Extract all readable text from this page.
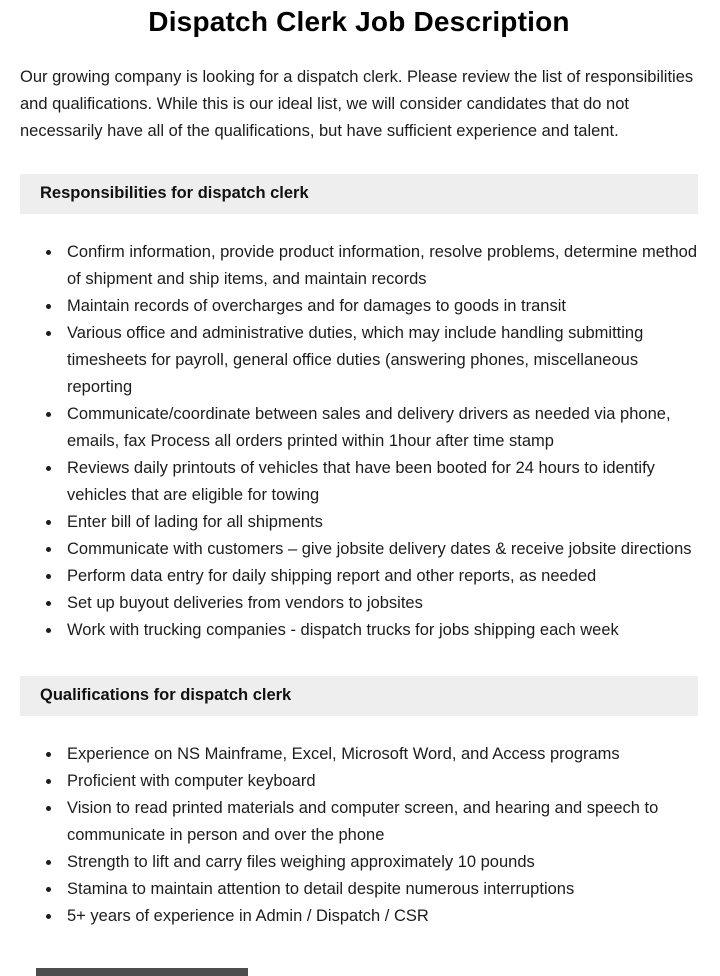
Dispatch Clerk Job Description

Our growing company is looking for a dispatch clerk. Please review the list of responsibilities and qualifications. While this is our ideal list, we will consider candidates that do not necessarily have all of the qualifications, but have sufficient experience and talent.

Responsibilities for dispatch clerk
• Confirm information, provide product information, resolve problems, determine method of shipment and ship items, and maintain records
• Maintain records of overcharges and for damages to goods in transit
• Various office and administrative duties, which may include handling submitting timesheets for payroll, general office duties (answering phones, miscellaneous reporting
• Communicate/coordinate between sales and delivery drivers as needed via phone, emails, fax Process all orders printed within 1hour after time stamp
• Reviews daily printouts of vehicles that have been booted for 24 hours to identify vehicles that are eligible for towing
• Enter bill of lading for all shipments
• Communicate with customers – give jobsite delivery dates & receive jobsite directions
• Perform data entry for daily shipping report and other reports, as needed
• Set up buyout deliveries from vendors to jobsites
• Work with trucking companies - dispatch trucks for jobs shipping each week
Qualifications for dispatch clerk
• Experience on NS Mainframe, Excel, Microsoft Word, and Access programs
• Proficient with computer keyboard
• Vision to read printed materials and computer screen, and hearing and speech to communicate in person and over the phone
• Strength to lift and carry files weighing approximately 10 pounds
• Stamina to maintain attention to detail despite numerous interruptions
• 5+ years of experience in Admin / Dispatch / CSR
